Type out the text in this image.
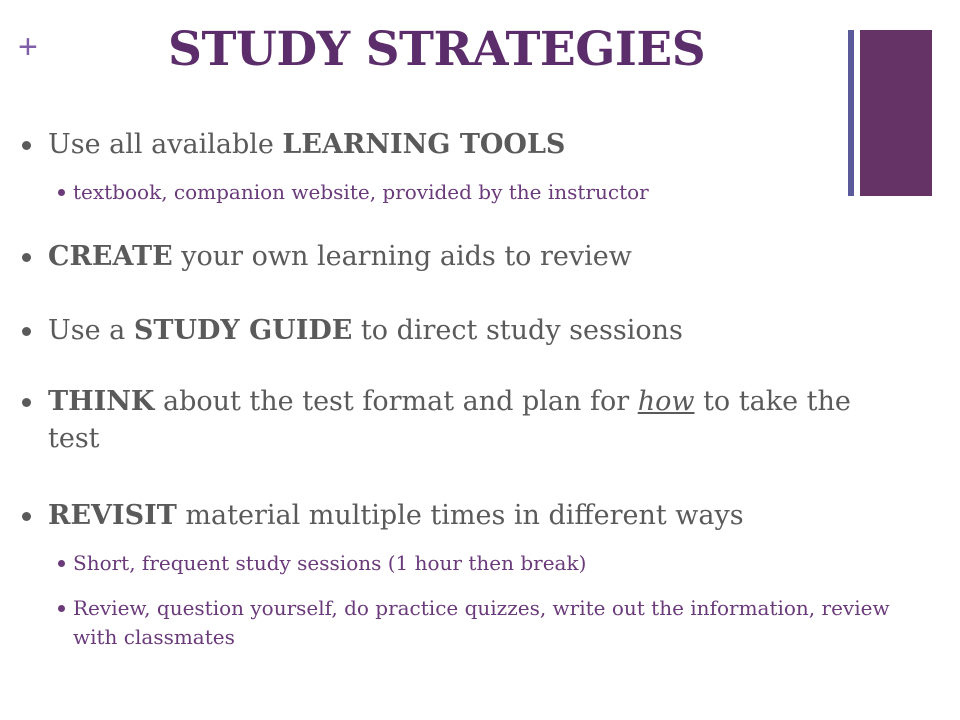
+	STUDY STRATEGIES
Use all available LEARNING TOOLS
textbook, companion website, provided by the instructor
CREATE your own learning aids to review
Use a STUDY GUIDE to direct study sessions
THINK about the test format and plan for how to take the test
REVISIT material multiple times in different ways
Short, frequent study sessions (1 hour then break)
Review, question yourself, do practice quizzes, write out the information, review with classmates
